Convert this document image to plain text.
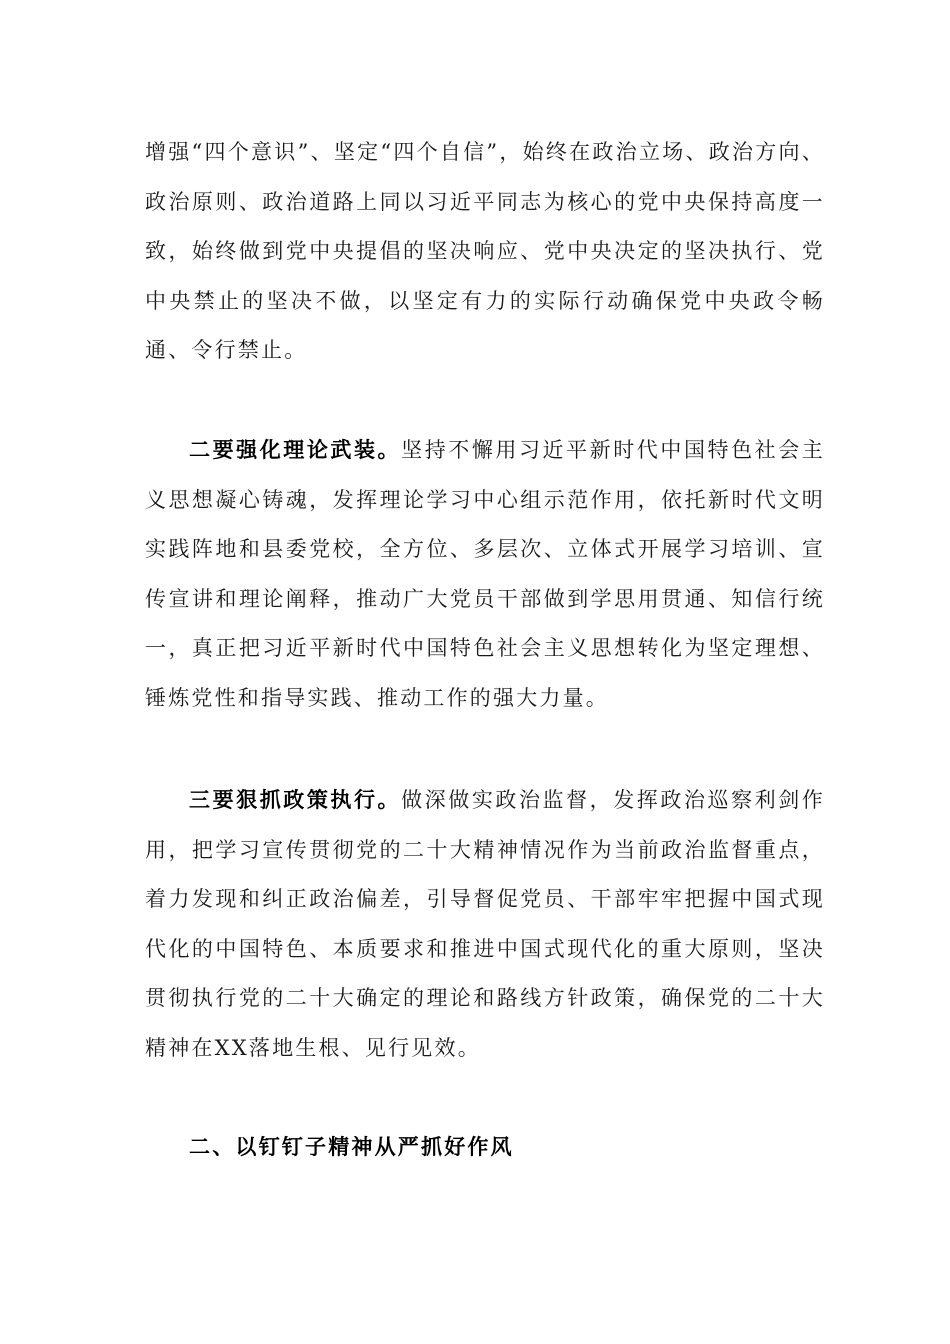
增强“四个意识”、坚定“四个自信”，始终在政治立场、政治方向、政治原则、政治道路上同以习近平同志为核心的党中央保持高度一致，始终做到党中央提倡的坚决响应、党中央决定的坚决执行、党中央禁止的坚决不做，以坚定有力的实际行动确保党中央政令畅通、令行禁止。

二要强化理论武装。坚持不懈用习近平新时代中国特色社会主义思想凝心铸魂，发挥理论学习中心组示范作用，依托新时代文明实践阵地和县委党校，全方位、多层次、立体式开展学习培训、宣传宣讲和理论阐释，推动广大党员干部做到学思用贯通、知信行统一，真正把习近平新时代中国特色社会主义思想转化为坚定理想、锤炼党性和指导实践、推动工作的强大力量。

三要狠抓政策执行。做深做实政治监督，发挥政治巡察利剑作用，把学习宣传贯彻党的二十大精神情况作为当前政治监督重点，着力发现和纠正政治偏差，引导督促党员、干部牢牢把握中国式现代化的中国特色、本质要求和推进中国式现代化的重大原则，坚决贯彻执行党的二十大确定的理论和路线方针政策，确保党的二十大精神在XX落地生根、见行见效。

二、以钉钉子精神从严抓好作风
